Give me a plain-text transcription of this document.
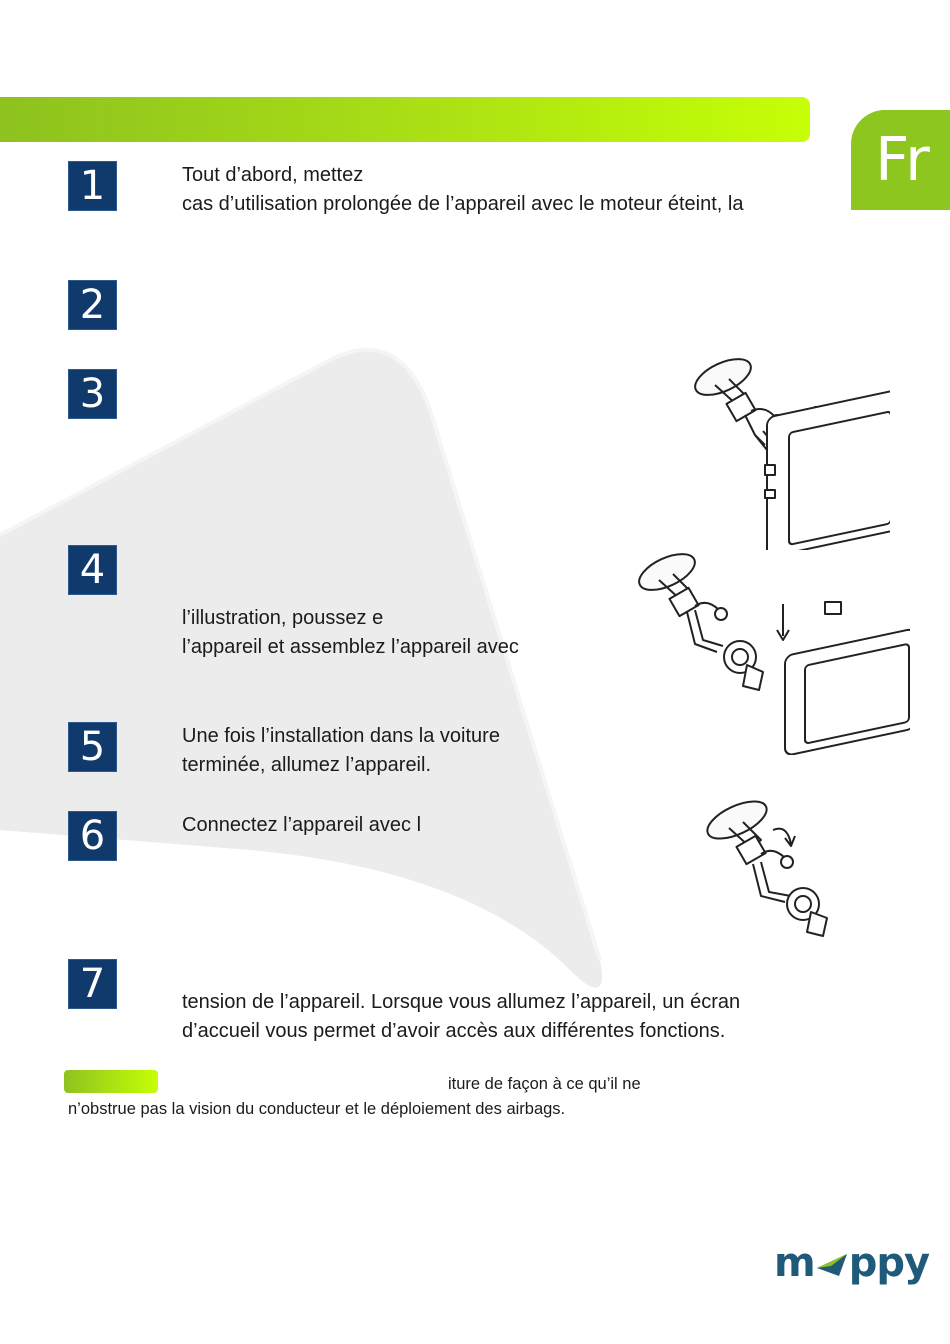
Fr
1	Tout d’abord, mettez
cas d’utilisation prolongée de l’appareil avec le moteur éteint, la
2
3
4
l’illustration, poussez e
l’appareil et assemblez l’appareil avec
5	Une fois l’installation dans la voiture
terminée, allumez l’appareil.
6	Connectez l’appareil avec l
7	tension de l’appareil. Lorsque vous allumez l’appareil, un écran
d’accueil vous permet d’avoir accès aux différentes fonctions.
iture de façon à ce qu’il ne
n’obstrue pas la vision du conducteur et le déploiement des airbags.
m ppy
